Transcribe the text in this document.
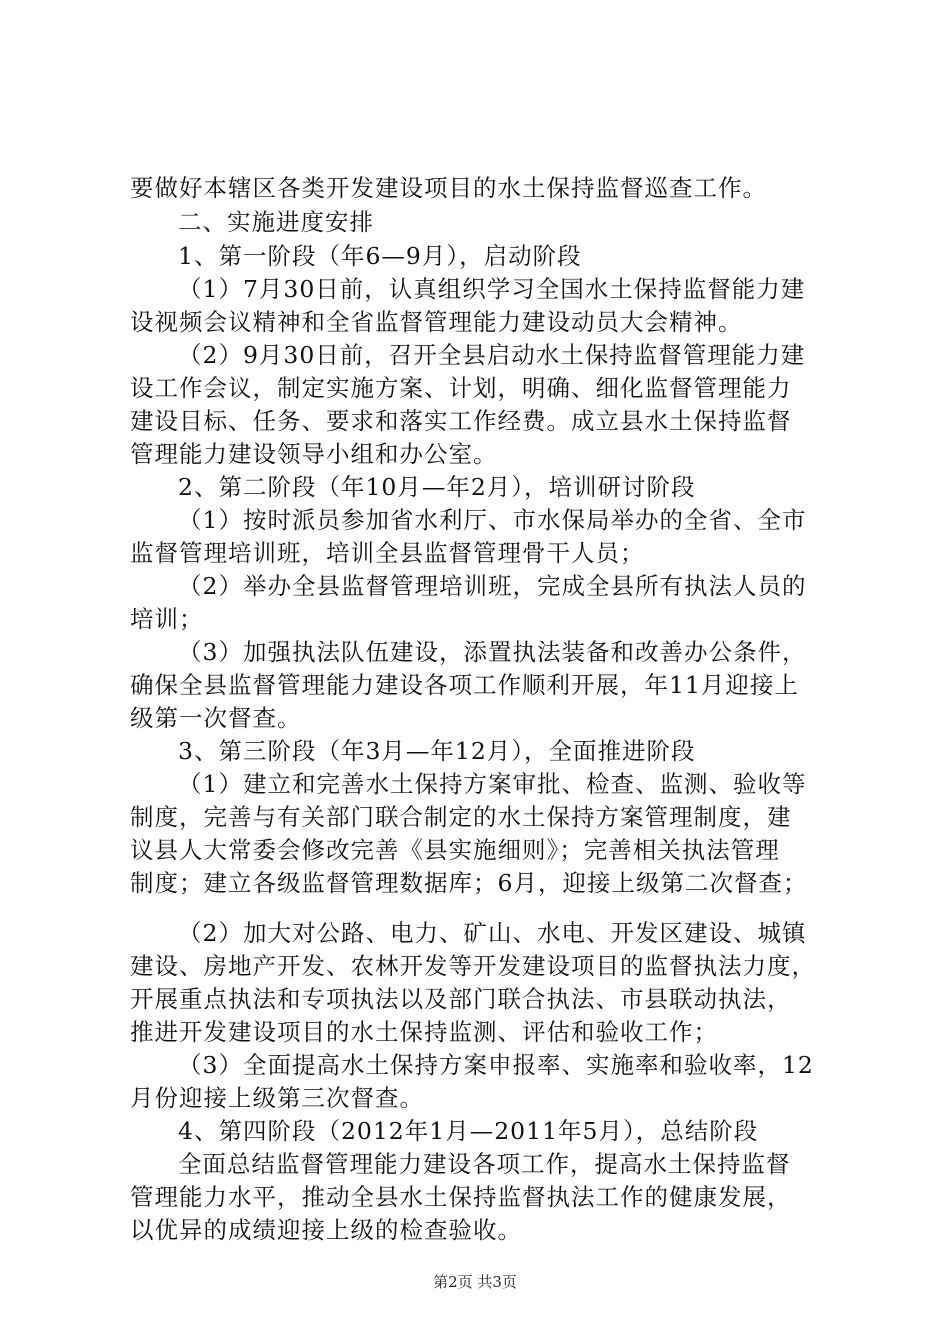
要做好本辖区各类开发建设项目的水土保持监督巡查工作。
二、实施进度安排
1、第一阶段（年6—9月），启动阶段
（1）7月30日前，认真组织学习全国水土保持监督能力建
设视频会议精神和全省监督管理能力建设动员大会精神。
（2）9月30日前，召开全县启动水土保持监督管理能力建
设工作会议，制定实施方案、计划，明确、细化监督管理能力
建设目标、任务、要求和落实工作经费。成立县水土保持监督
管理能力建设领导小组和办公室。
2、第二阶段（年10月—年2月），培训研讨阶段
（1）按时派员参加省水利厅、市水保局举办的全省、全市
监督管理培训班，培训全县监督管理骨干人员；
（2）举办全县监督管理培训班，完成全县所有执法人员的
培训；
（3）加强执法队伍建设，添置执法装备和改善办公条件，
确保全县监督管理能力建设各项工作顺利开展，年11月迎接上
级第一次督查。
3、第三阶段（年3月—年12月），全面推进阶段
（1）建立和完善水土保持方案审批、检查、监测、验收等
制度，完善与有关部门联合制定的水土保持方案管理制度，建
议县人大常委会修改完善《县实施细则》；完善相关执法管理
制度；建立各级监督管理数据库；6月，迎接上级第二次督查；
（2）加大对公路、电力、矿山、水电、开发区建设、城镇
建设、房地产开发、农林开发等开发建设项目的监督执法力度，
开展重点执法和专项执法以及部门联合执法、市县联动执法，
推进开发建设项目的水土保持监测、评估和验收工作；
（3）全面提高水土保持方案申报率、实施率和验收率，12
月份迎接上级第三次督查。
4、第四阶段（2012年1月—2011年5月），总结阶段
全面总结监督管理能力建设各项工作，提高水土保持监督
管理能力水平，推动全县水土保持监督执法工作的健康发展，
以优异的成绩迎接上级的检查验收。
第2页 共3页
